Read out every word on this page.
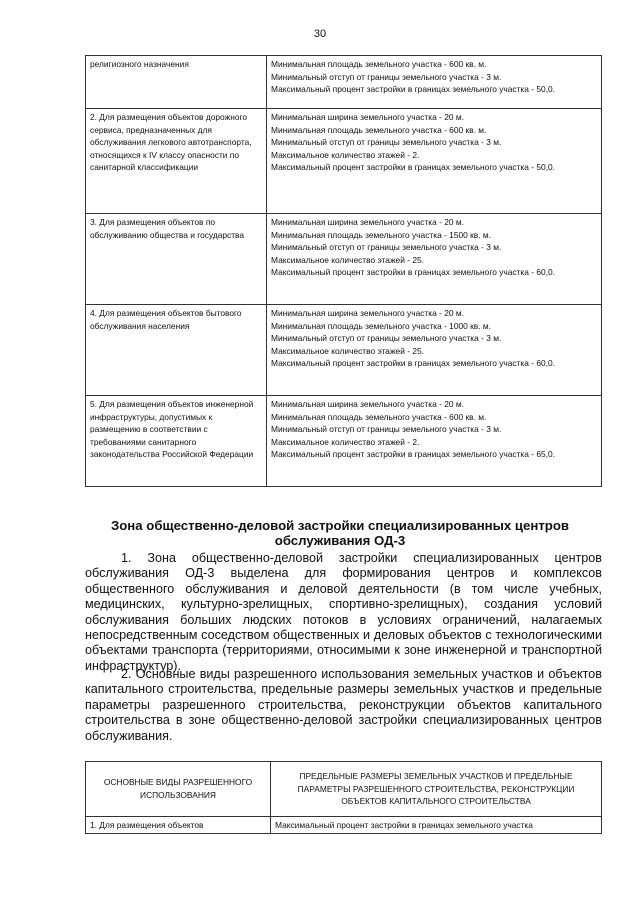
30
религиозного назначения	Минимальная площадь земельного участка - 600 кв. м.
Минимальный отступ от границы земельного участка - 3 м.
Максимальный процент застройки в границах земельного участка - 50,0.

2. Для размещения объектов дорожного сервиса, предназначенных для обслуживания легкового автотранспорта, относящихся к IV классу опасности по санитарной классификации	Минимальная ширина земельного участка - 20 м.
Минимальная площадь земельного участка - 600 кв. м.
Минимальный отступ от границы земельного участка - 3 м.
Максимальное количество этажей - 2.
Максимальный процент застройки в границах земельного участка - 50,0.

3. Для размещения объектов по обслуживанию общества и государства	Минимальная ширина земельного участка - 20 м.
Минимальная площадь земельного участка - 1500 кв. м.
Минимальный отступ от границы земельного участка - 3 м.
Максимальное количество этажей - 25.
Максимальный процент застройки в границах земельного участка - 60,0.

4. Для размещения объектов бытового обслуживания населения	Минимальная ширина земельного участка - 20 м.
Минимальная площадь земельного участка - 1000 кв. м.
Минимальный отступ от границы земельного участка - 3 м.
Максимальное количество этажей - 25.
Максимальный процент застройки в границах земельного участка - 60,0.

5. Для размещения объектов инженерной инфраструктуры, допустимых к размещению в соответствии с требованиями санитарного законодательства Российской Федерации	Минимальная ширина земельного участка - 20 м.
Минимальная площадь земельного участка - 600 кв. м.
Минимальный отступ от границы земельного участка - 3 м.
Максимальное количество этажей - 2.
Максимальный процент застройки в границах земельного участка - 65,0.
Зона общественно-деловой застройки специализированных центров обслуживания ОД-3
1. Зона общественно-деловой застройки специализированных центров обслуживания ОД-3 выделена для формирования центров и комплексов общественного обслуживания и деловой деятельности (в том числе учебных, медицинских, культурно-зрелищных, спортивно-зрелищных), создания условий обслуживания больших людских потоков в условиях ограничений, налагаемых непосредственным соседством общественных и деловых объектов с технологическими объектами транспорта (территориями, относимыми к зоне инженерной и транспортной инфраструктур).
2. Основные виды разрешенного использования земельных участков и объектов капитального строительства, предельные размеры земельных участков и предельные параметры разрешенного строительства, реконструкции объектов капитального строительства в зоне общественно-деловой застройки специализированных центров обслуживания.
ОСНОВНЫЕ ВИДЫ РАЗРЕШЕННОГО ИСПОЛЬЗОВАНИЯ	ПРЕДЕЛЬНЫЕ РАЗМЕРЫ ЗЕМЕЛЬНЫХ УЧАСТКОВ И ПРЕДЕЛЬНЫЕ ПАРАМЕТРЫ РАЗРЕШЕННОГО СТРОИТЕЛЬСТВА, РЕКОНСТРУКЦИИ ОБЪЕКТОВ КАПИТАЛЬНОГО СТРОИТЕЛЬСТВА
1. Для размещения объектов	Максимальный процент застройки в границах земельного участка
